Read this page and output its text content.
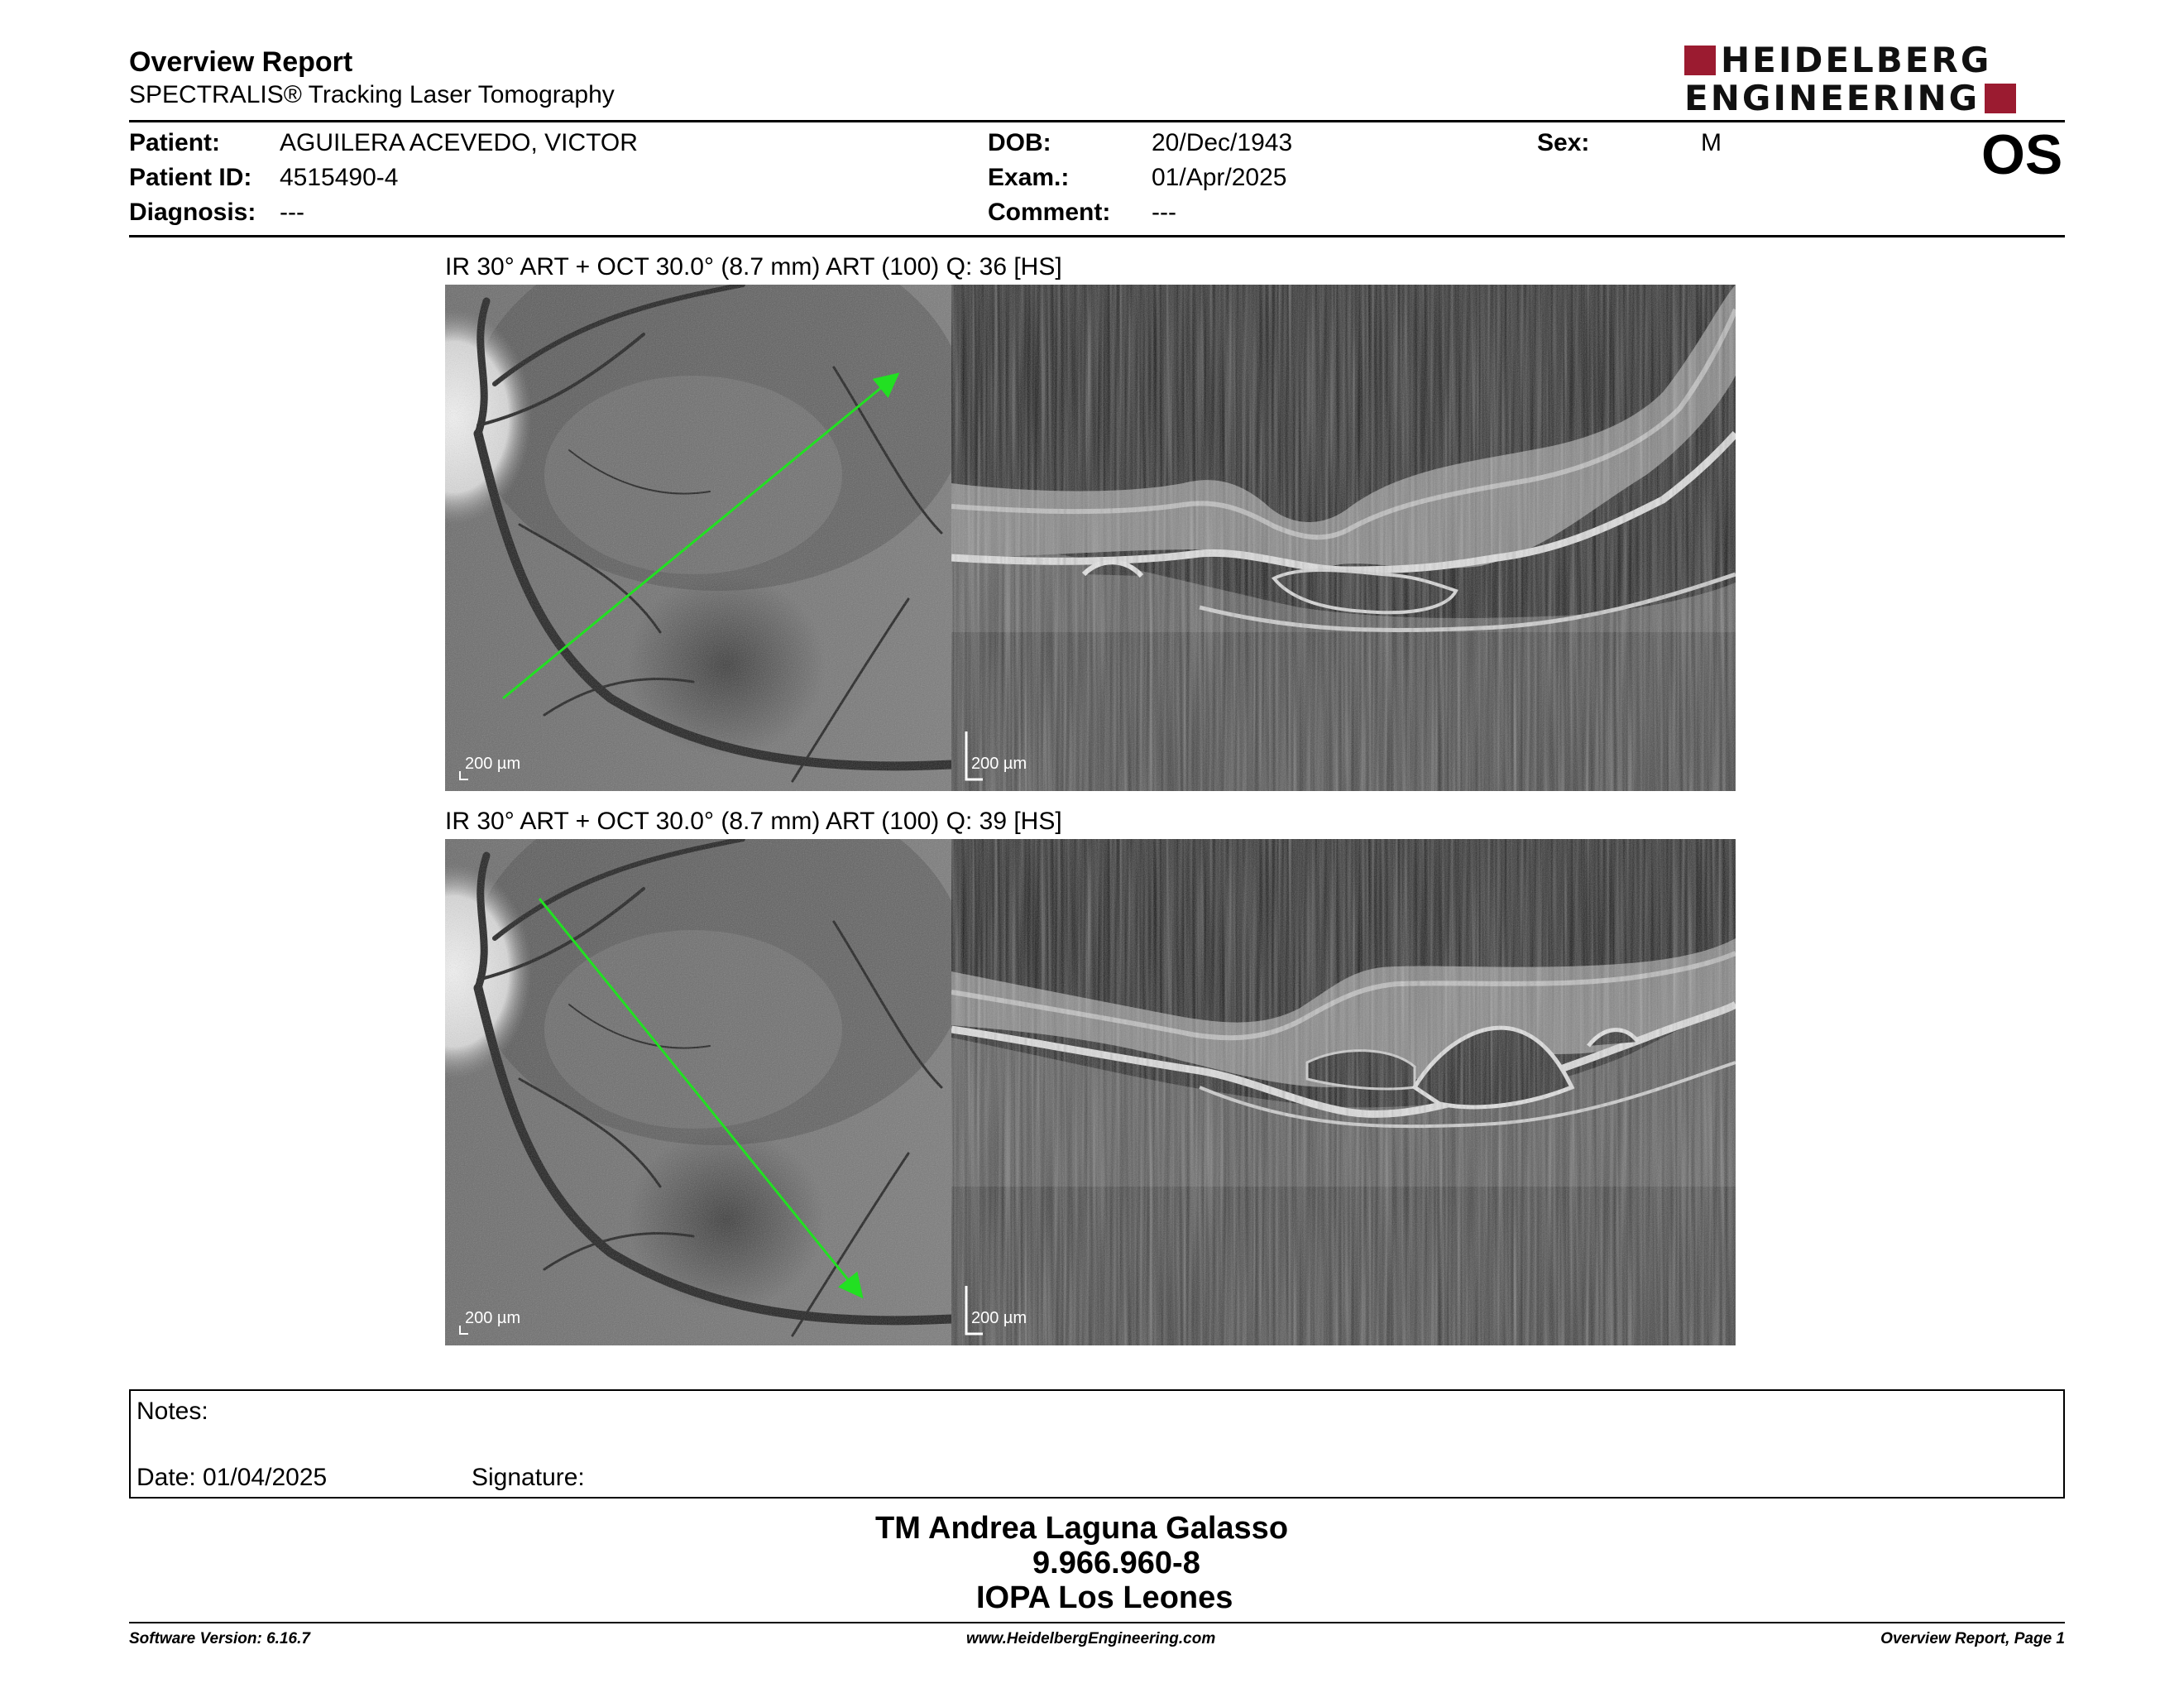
Overview Report
SPECTRALIS® Tracking Laser Tomography
HEIDELBERG
ENGINEERING
Patient: AGUILERA ACEVEDO, VICTOR
Patient ID: 4515490-4
Diagnosis: ---
DOB:	20/Dec/1943
Exam.:	01/Apr/2025
Comment: ---
Sex:	M	OS
IR 30° ART + OCT 30.0° (8.7 mm) ART (100) Q: 36 [HS]
200 µm	200 µm
IR 30° ART + OCT 30.0° (8.7 mm) ART (100) Q: 39 [HS]
200 µm	200 µm
Notes:
Date: 01/04/2025	Signature:
TM Andrea Laguna Galasso
9.966.960-8
IOPA Los Leones
Software Version: 6.16.7	www.HeidelbergEngineering.com	Overview Report, Page 1
